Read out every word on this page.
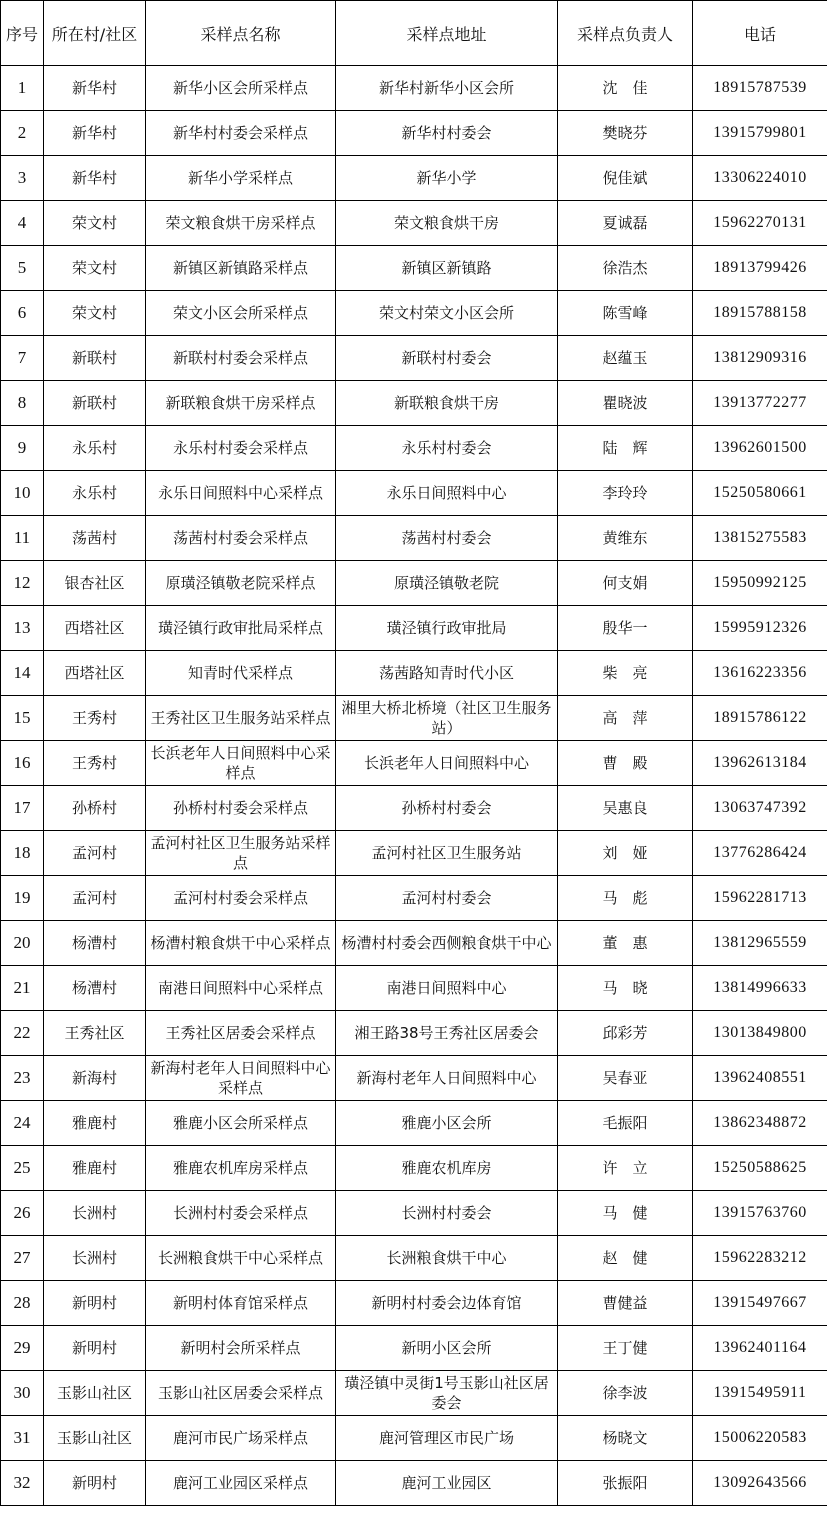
序号	所在村/社区	采样点名称	采样点地址	采样点负责人	电话
1	新华村	新华小区会所采样点	新华村新华小区会所	沈　佳	18915787539
2	新华村	新华村村委会采样点	新华村村委会	樊晓芬	13915799801
3	新华村	新华小学采样点	新华小学	倪佳斌	13306224010
4	荣文村	荣文粮食烘干房采样点	荣文粮食烘干房	夏诚磊	15962270131
5	荣文村	新镇区新镇路采样点	新镇区新镇路	徐浩杰	18913799426
6	荣文村	荣文小区会所采样点	荣文村荣文小区会所	陈雪峰	18915788158
7	新联村	新联村村委会采样点	新联村村委会	赵蕴玉	13812909316
8	新联村	新联粮食烘干房采样点	新联粮食烘干房	瞿晓波	13913772277
9	永乐村	永乐村村委会采样点	永乐村村委会	陆　辉	13962601500
10	永乐村	永乐日间照料中心采样点	永乐日间照料中心	李玲玲	15250580661
11	荡茜村	荡茜村村委会采样点	荡茜村村委会	黄维东	13815275583
12	银杏社区	原璜泾镇敬老院采样点	原璜泾镇敬老院	何支娟	15950992125
13	西塔社区	璜泾镇行政审批局采样点	璜泾镇行政审批局	殷华一	15995912326
14	西塔社区	知青时代采样点	荡茜路知青时代小区	柴　亮	13616223356
15	王秀村	王秀社区卫生服务站采样点	湘里大桥北桥境（社区卫生服务站）	高　萍	18915786122
16	王秀村	长浜老年人日间照料中心采样点	长浜老年人日间照料中心	曹　殿	13962613184
17	孙桥村	孙桥村村委会采样点	孙桥村村委会	吴惠良	13063747392
18	孟河村	孟河村社区卫生服务站采样点	孟河村社区卫生服务站	刘　娅	13776286424
19	孟河村	孟河村村委会采样点	孟河村村委会	马　彪	15962281713
20	杨漕村	杨漕村粮食烘干中心采样点	杨漕村村委会西侧粮食烘干中心	董　惠	13812965559
21	杨漕村	南港日间照料中心采样点	南港日间照料中心	马　晓	13814996633
22	王秀社区	王秀社区居委会采样点	湘王路38号王秀社区居委会	邱彩芳	13013849800
23	新海村	新海村老年人日间照料中心采样点	新海村老年人日间照料中心	吴春亚	13962408551
24	雅鹿村	雅鹿小区会所采样点	雅鹿小区会所	毛振阳	13862348872
25	雅鹿村	雅鹿农机库房采样点	雅鹿农机库房	许　立	15250588625
26	长洲村	长洲村村委会采样点	长洲村村委会	马　健	13915763760
27	长洲村	长洲粮食烘干中心采样点	长洲粮食烘干中心	赵　健	15962283212
28	新明村	新明村体育馆采样点	新明村村委会边体育馆	曹健益	13915497667
29	新明村	新明村会所采样点	新明小区会所	王丁健	13962401164
30	玉影山社区	玉影山社区居委会采样点	璜泾镇中灵街1号玉影山社区居委会	徐李波	13915495911
31	玉影山社区	鹿河市民广场采样点	鹿河管理区市民广场	杨晓文	15006220583
32	新明村	鹿河工业园区采样点	鹿河工业园区	张振阳	13092643566
